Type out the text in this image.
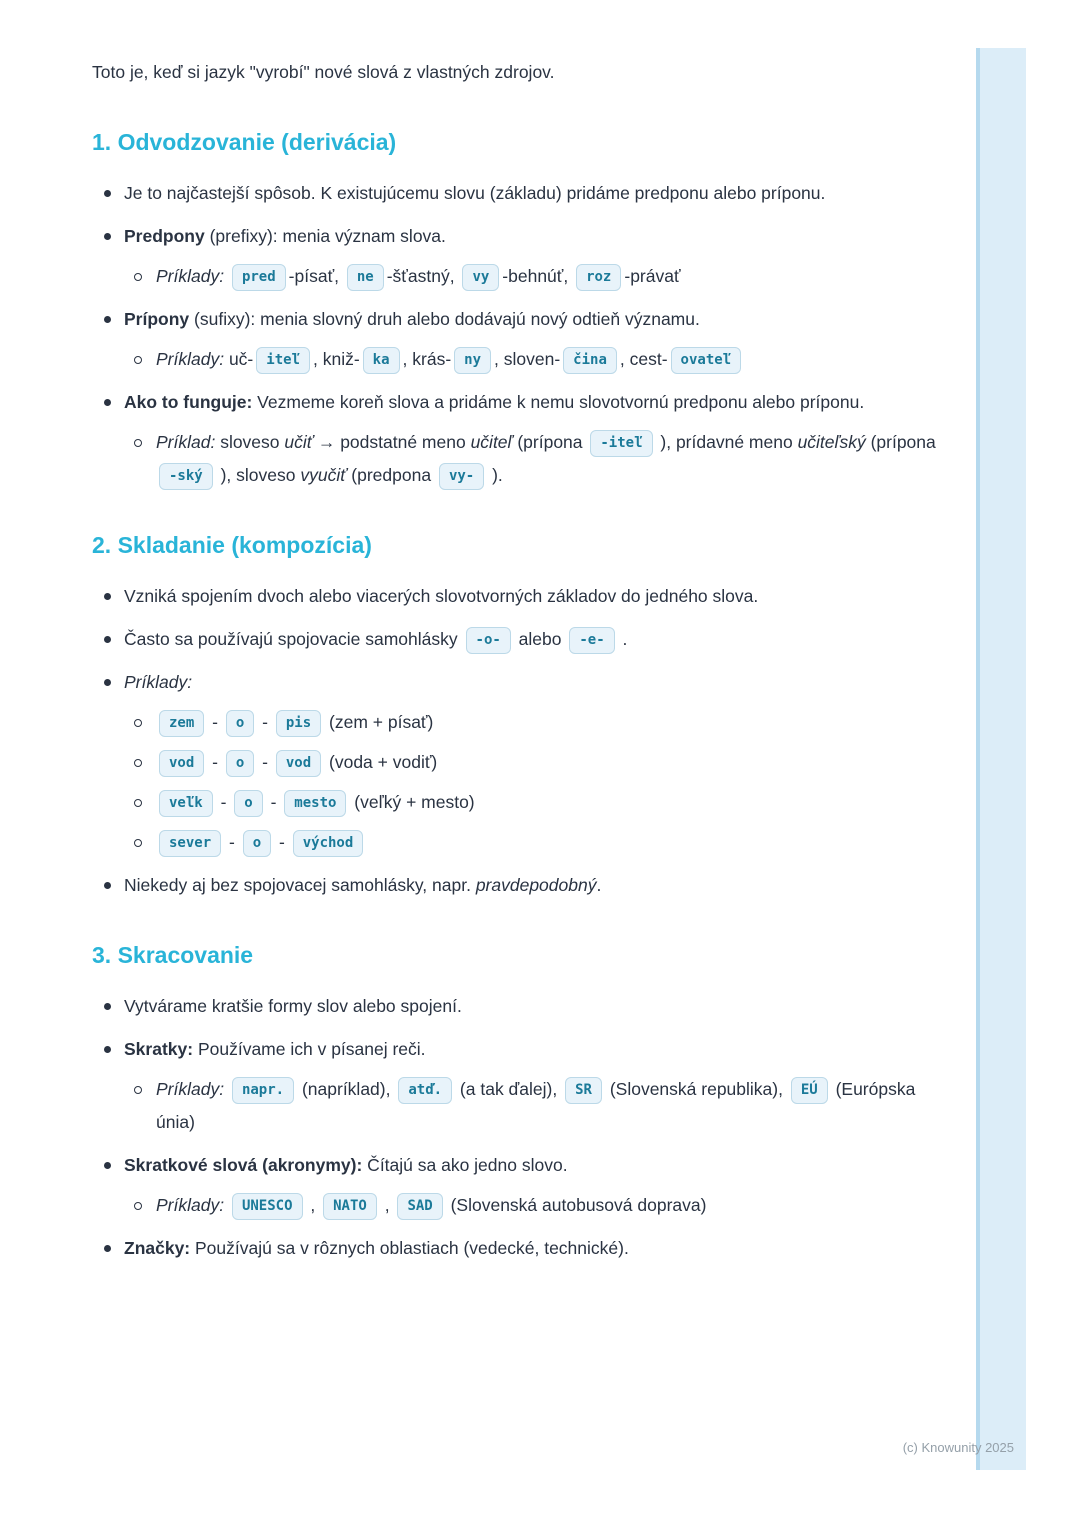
Toto je, keď si jazyk "vyrobí" nové slová z vlastných zdrojov.

1. Odvodzovanie (derivácia)
Je to najčastejší spôsob. K existujúcemu slovu (základu) pridáme predponu alebo príponu.
Predpony (prefixy): menia význam slova.
Príklady: pred -písať, ne -šťastný, vy -behnúť, roz -právať
Prípony (sufixy): menia slovný druh alebo dodávajú nový odtieň významu.
Príklady: uč- iteľ , kniž- ka , krás- ny , sloven- čina , cest- ovateľ
Ako to funguje: Vezmeme koreň slova a pridáme k nemu slovotvornú predponu alebo príponu.
Príklad: sloveso učiť → podstatné meno učiteľ (prípona -iteľ ), prídavné meno učiteľský (prípona -ský ), sloveso vyučiť (predpona vy- ).
2. Skladanie (kompozícia)
Vzniká spojením dvoch alebo viacerých slovotvorných základov do jedného slova.
Často sa používajú spojovacie samohlásky -o- alebo -e- .
Príklady:
zem - o - pis (zem + písať)
vod - o - vod (voda + vodiť)
veľk - o - mesto (veľký + mesto)
sever - o - východ
Niekedy aj bez spojovacej samohlásky, napr. pravdepodobný.
3. Skracovanie
Vytvárame kratšie formy slov alebo spojení.
Skratky: Používame ich v písanej reči.
Príklady: napr. (napríklad), atď. (a tak ďalej), SR (Slovenská republika), EÚ (Európska únia)
Skratkové slová (akronymy): Čítajú sa ako jedno slovo.
Príklady: UNESCO , NATO , SAD (Slovenská autobusová doprava)
Značky: Používajú sa v rôznych oblastiach (vedecké, technické).
(c) Knowunity 2025
